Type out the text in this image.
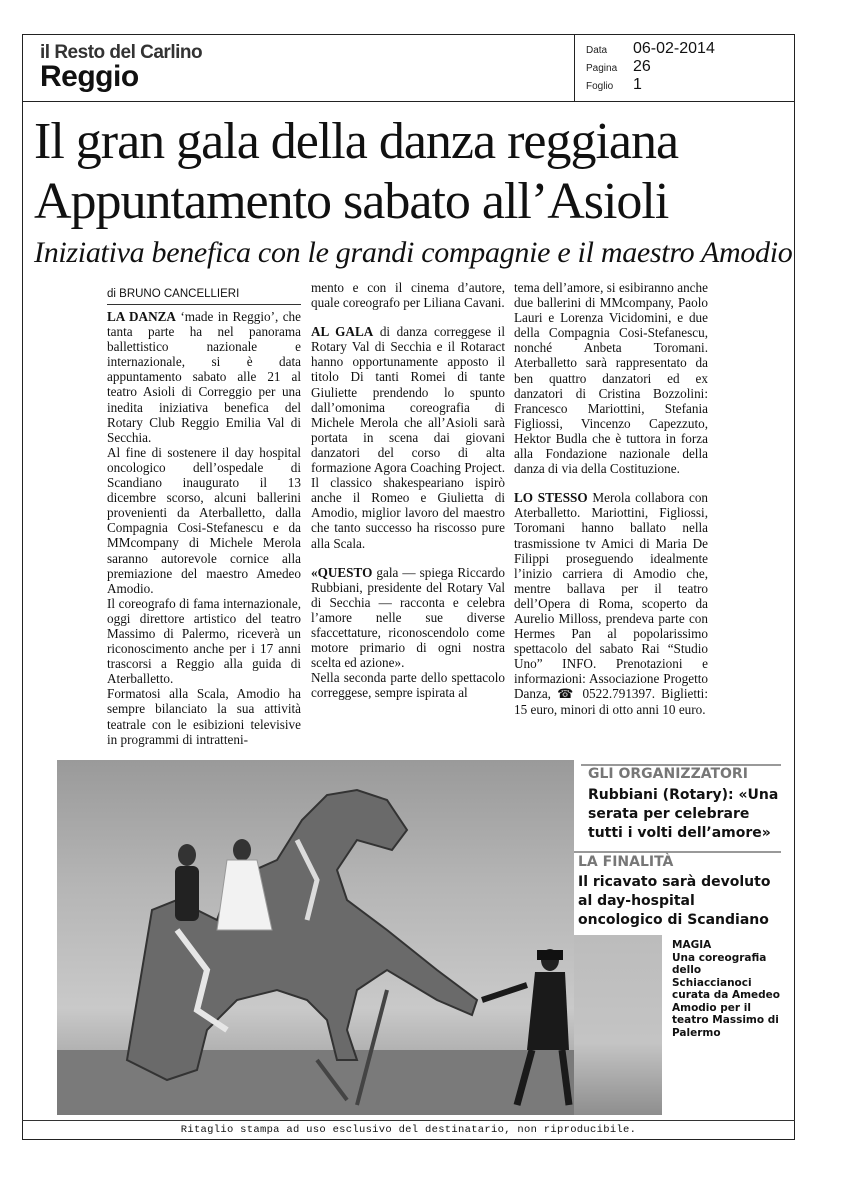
il Resto del Carlino
Reggio
Data	06-02-2014
Pagina 26
Foglio	1
Il gran gala della danza reggiana
Appuntamento sabato all’Asioli
Iniziativa benefica con le grandi compagnie e il maestro Amodio
di BRUNO CANCELLIERI

LA DANZA ‘made in Reggio’, che tanta parte ha nel panorama ballettistico nazionale e internazionale, si è data appuntamento sabato alle 21 al teatro Asioli di Correggio per una inedita iniziativa benefica del Rotary Club Reggio Emilia Val di Secchia.

Al fine di sostenere il day hospital oncologico dell’ospedale di Scandiano inaugurato il 13 dicembre scorso, alcuni ballerini provenienti da Aterballetto, dalla Compagnia Cosi-Stefanescu e da MMcompany di Michele Merola saranno autorevole cornice alla premiazione del maestro Amedeo Amodio.

Il coreografo di fama internazionale, oggi direttore artistico del teatro Massimo di Palermo, riceverà un riconoscimento anche per i 17 anni trascorsi a Reggio alla guida di Aterballetto.

Formatosi alla Scala, Amodio ha sempre bilanciato la sua attività teatrale con le esibizioni televisive in programmi di intratteni-

mento e con il cinema d’autore, quale coreografo per Liliana Cavani.

AL GALA di danza correggese il Rotary Val di Secchia e il Rotaract hanno opportunamente apposto il titolo Di tanti Romei di tante Giuliette prendendo lo spunto dall’omonima coreografia di Michele Merola che all’Asioli sarà portata in scena dai giovani danzatori del corso di alta formazione Agora Coaching Project. Il classico shakespeariano ispirò anche il Romeo e Giulietta di Amodio, miglior lavoro del maestro che tanto successo ha riscosso pure alla Scala.

«QUESTO gala — spiega Riccardo Rubbiani, presidente del Rotary Val di Secchia — racconta e celebra l’amore nelle sue diverse sfaccettature, riconoscendolo come motore primario di ogni nostra scelta ed azione».

Nella seconda parte dello spettacolo correggese, sempre ispirata al

tema dell’amore, si esibiranno anche due ballerini di MMcompany, Paolo Lauri e Lorenza Vicidomini, e due della Compagnia Cosi-Stefanescu, nonché Anbeta Toromani. Aterballetto sarà rappresentato da ben quattro danzatori ed ex danzatori di Cristina Bozzolini: Francesco Mariottini, Stefania Figliossi, Vincenzo Capezzuto, Hektor Budla che è tuttora in forza alla Fondazione nazionale della danza di via della Costituzione.

LO STESSO Merola collabora con Aterballetto. Mariottini, Figliossi, Toromani hanno ballato nella trasmissione tv Amici di Maria De Filippi proseguendo idealmente l’inizio carriera di Amodio che, mentre ballava per il teatro dell’Opera di Roma, scoperto da Aurelio Milloss, prendeva parte con Hermes Pan al popolarissimo spettacolo del sabato Rai “Studio Uno” INFO. Prenotazioni e informazioni: Associazione Progetto Danza, ☎ 0522.791397. Biglietti: 15 euro, minori di otto anni 10 euro.

GLI ORGANIZZATORI
Rubbiani (Rotary): «Una serata per celebrare tutti i volti dell’amore»
LA FINALITÀ
Il ricavato sarà devoluto al day-hospital oncologico di Scandiano
MAGIA
Una coreografia dello Schiaccianoci curata da Amedeo Amodio per il teatro Massimo di Palermo
Ritaglio stampa ad uso esclusivo del destinatario, non riproducibile.
